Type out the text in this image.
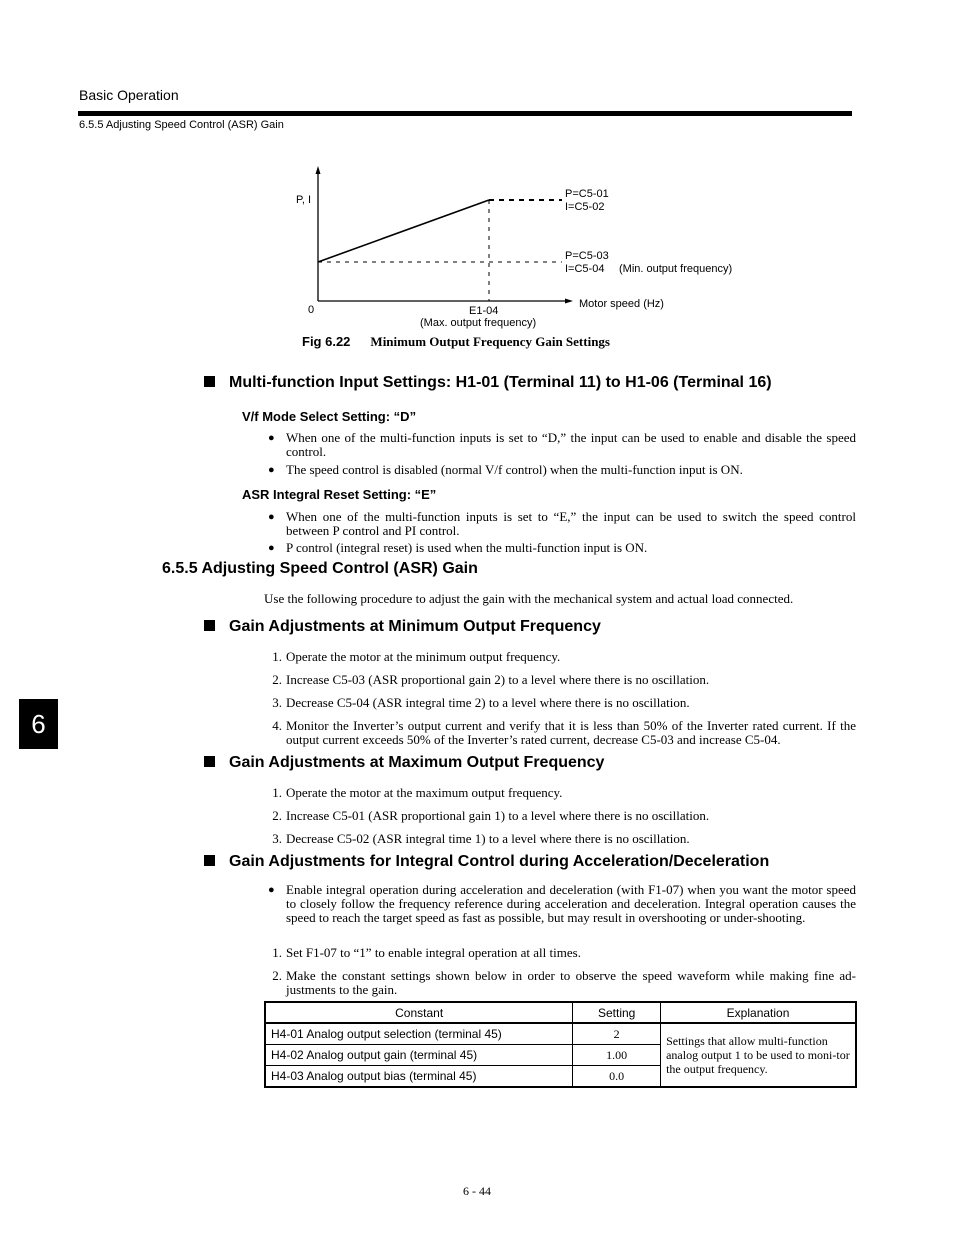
Basic Operation
6.5.5 Adjusting Speed Control (ASR) Gain
P, I
0	Motor speed (Hz)
E1-04
(Max. output frequency)
P=C5-01
I=C5-02
P=C5-03
I=C5-04 (Min. output frequency)
Fig 6.22 Minimum Output Frequency Gain Settings
Multi-function Input Settings: H1-01 (Terminal 11) to H1-06 (Terminal 16)
V/f Mode Select Setting: “D”
● When one of the multi-function inputs is set to “D,” the input can be used to enable and disable the speed control.
● The speed control is disabled (normal V/f control) when the multi-function input is ON.
ASR Integral Reset Setting: “E”
● When one of the multi-function inputs is set to “E,” the input can be used to switch the speed control between P control and PI control.
● P control (integral reset) is used when the multi-function input is ON.
6.5.5 Adjusting Speed Control (ASR) Gain
Use the following procedure to adjust the gain with the mechanical system and actual load connected.
Gain Adjustments at Minimum Output Frequency
1. Operate the motor at the minimum output frequency.
2. Increase C5-03 (ASR proportional gain 2) to a level where there is no oscillation.
3. Decrease C5-04 (ASR integral time 2) to a level where there is no oscillation.
4. Monitor the Inverter’s output current and verify that it is less than 50% of the Inverter rated current. If the output current exceeds 50% of the Inverter’s rated current, decrease C5-03 and increase C5-04.
Gain Adjustments at Maximum Output Frequency
1. Operate the motor at the maximum output frequency.
2. Increase C5-01 (ASR proportional gain 1) to a level where there is no oscillation.
3. Decrease C5-02 (ASR integral time 1) to a level where there is no oscillation.
Gain Adjustments for Integral Control during Acceleration/Deceleration
● Enable integral operation during acceleration and deceleration (with F1-07) when you want the motor speed to closely follow the frequency reference during acceleration and deceleration. Integral operation causes the speed to reach the target speed as fast as possible, but may result in overshooting or under-shooting.
1. Set F1-07 to “1” to enable integral operation at all times.
2. Make the constant settings shown below in order to observe the speed waveform while making fine ad-justments to the gain.
Constant	Setting	Explanation
H4-01 Analog output selection (terminal 45)	2	Settings that allow multi-function analog output 1 to be used to moni-tor the output frequency.
H4-02 Analog output gain (terminal 45)	1.00	
H4-03 Analog output bias (terminal 45)	0.0	
6
6 - 44
